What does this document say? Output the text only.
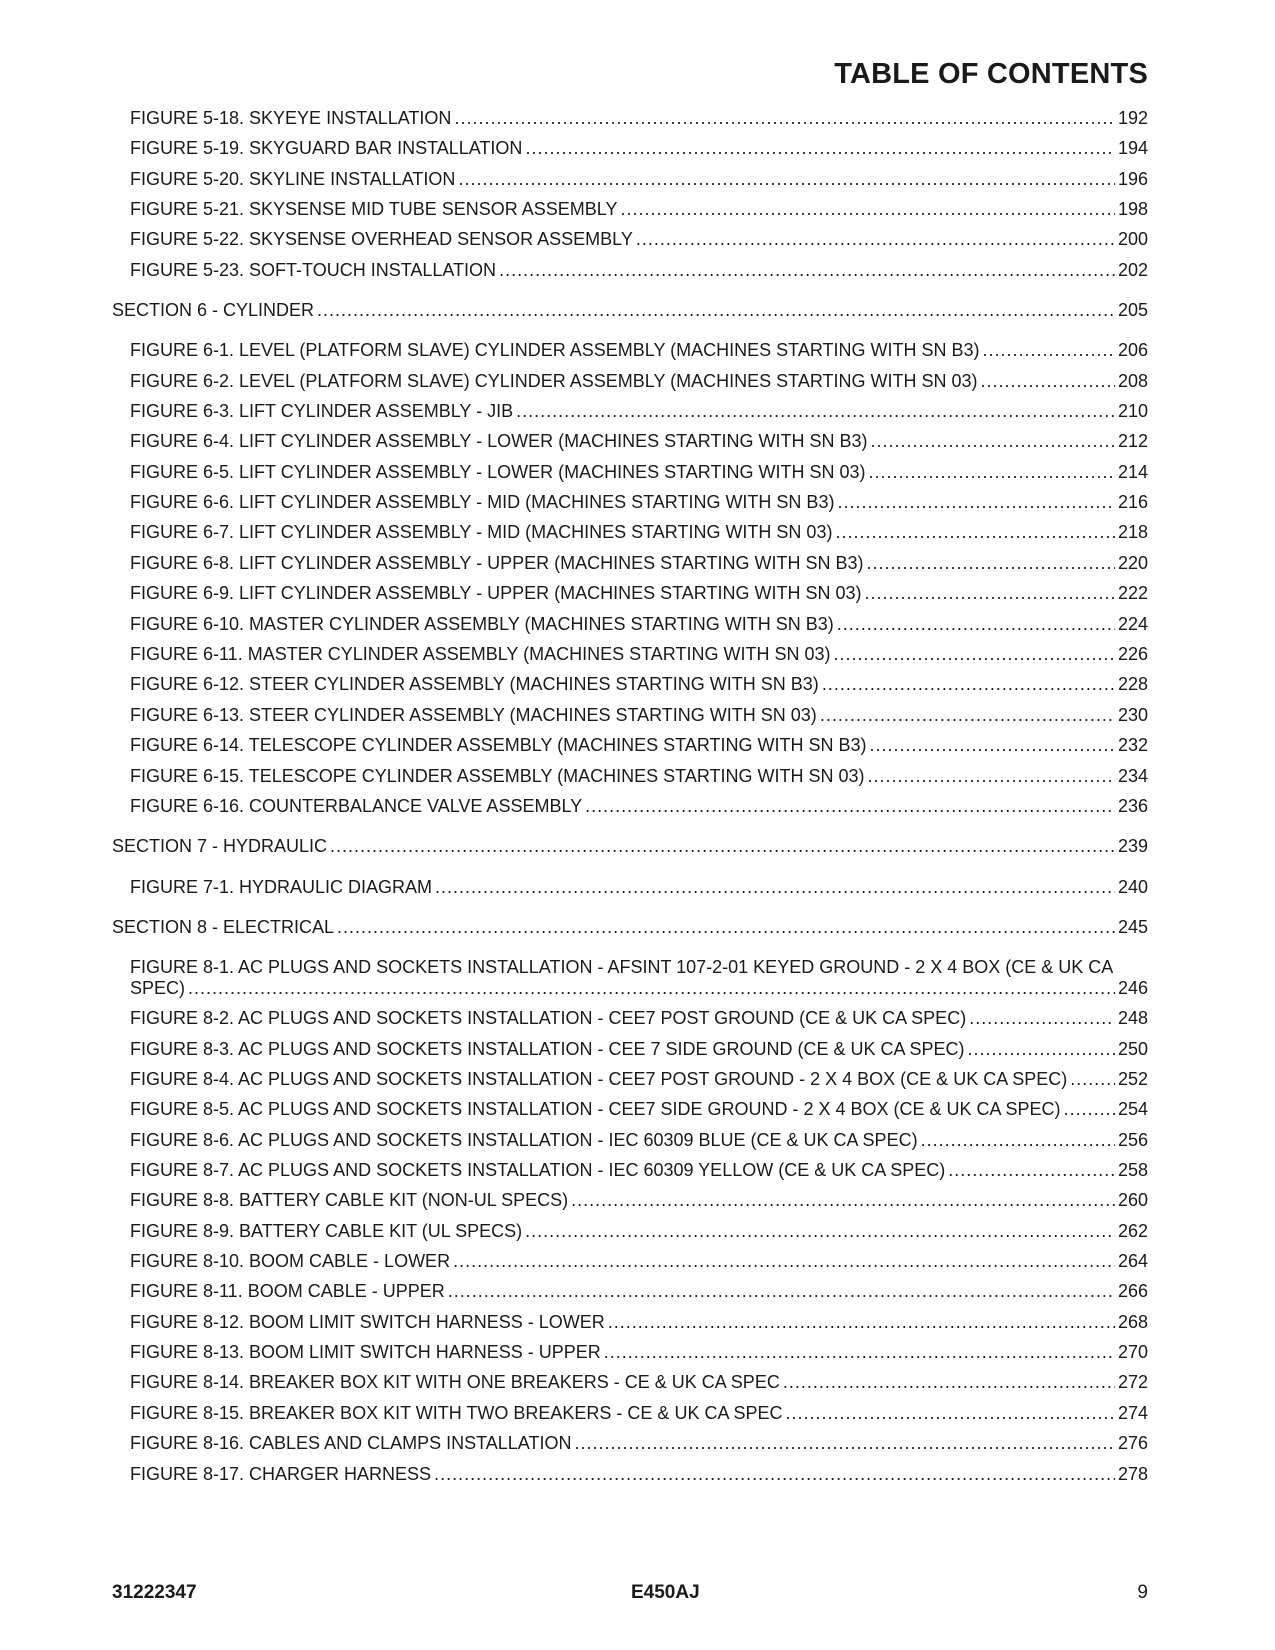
TABLE OF CONTENTS
FIGURE 5-18. SKYEYE INSTALLATION .....	192
FIGURE 5-19. SKYGUARD BAR INSTALLATION .....	194
FIGURE 5-20. SKYLINE INSTALLATION .....	196
FIGURE 5-21. SKYSENSE MID TUBE SENSOR ASSEMBLY .....	198
FIGURE 5-22. SKYSENSE OVERHEAD SENSOR ASSEMBLY .....	200
FIGURE 5-23. SOFT-TOUCH INSTALLATION .....	202
SECTION 6 - CYLINDER .....	205
FIGURE 6-1. LEVEL (PLATFORM SLAVE) CYLINDER ASSEMBLY (MACHINES STARTING WITH SN B3) .....	206
FIGURE 6-2. LEVEL (PLATFORM SLAVE) CYLINDER ASSEMBLY (MACHINES STARTING WITH SN 03) .....	208
FIGURE 6-3. LIFT CYLINDER ASSEMBLY - JIB .....	210
FIGURE 6-4. LIFT CYLINDER ASSEMBLY - LOWER (MACHINES STARTING WITH SN B3) .....	212
FIGURE 6-5. LIFT CYLINDER ASSEMBLY - LOWER (MACHINES STARTING WITH SN 03) .....	214
FIGURE 6-6. LIFT CYLINDER ASSEMBLY - MID (MACHINES STARTING WITH SN B3) .....	216
FIGURE 6-7. LIFT CYLINDER ASSEMBLY - MID (MACHINES STARTING WITH SN 03) .....	218
FIGURE 6-8. LIFT CYLINDER ASSEMBLY - UPPER (MACHINES STARTING WITH SN B3) .....	220
FIGURE 6-9. LIFT CYLINDER ASSEMBLY - UPPER (MACHINES STARTING WITH SN 03) .....	222
FIGURE 6-10. MASTER CYLINDER ASSEMBLY (MACHINES STARTING WITH SN B3) .....	224
FIGURE 6-11. MASTER CYLINDER ASSEMBLY (MACHINES STARTING WITH SN 03) .....	226
FIGURE 6-12. STEER CYLINDER ASSEMBLY (MACHINES STARTING WITH SN B3) .....	228
FIGURE 6-13. STEER CYLINDER ASSEMBLY (MACHINES STARTING WITH SN 03) .....	230
FIGURE 6-14. TELESCOPE CYLINDER ASSEMBLY (MACHINES STARTING WITH SN B3) .....	232
FIGURE 6-15. TELESCOPE CYLINDER ASSEMBLY (MACHINES STARTING WITH SN 03) .....	234
FIGURE 6-16. COUNTERBALANCE VALVE ASSEMBLY .....	236
SECTION 7 - HYDRAULIC .....	239
FIGURE 7-1. HYDRAULIC DIAGRAM .....	240
SECTION 8 - ELECTRICAL .....	245
FIGURE 8-1. AC PLUGS AND SOCKETS INSTALLATION - AFSINT 107-2-01 KEYED GROUND - 2 X 4 BOX (CE & UK CA
SPEC) .....	246
FIGURE 8-2. AC PLUGS AND SOCKETS INSTALLATION - CEE7 POST GROUND (CE & UK CA SPEC) .....	248
FIGURE 8-3. AC PLUGS AND SOCKETS INSTALLATION - CEE 7 SIDE GROUND (CE & UK CA SPEC) .....	250
FIGURE 8-4. AC PLUGS AND SOCKETS INSTALLATION - CEE7 POST GROUND - 2 X 4 BOX (CE & UK CA SPEC) .....	252
FIGURE 8-5. AC PLUGS AND SOCKETS INSTALLATION - CEE7 SIDE GROUND - 2 X 4 BOX (CE & UK CA SPEC) .....	254
FIGURE 8-6. AC PLUGS AND SOCKETS INSTALLATION - IEC 60309 BLUE (CE & UK CA SPEC) .....	256
FIGURE 8-7. AC PLUGS AND SOCKETS INSTALLATION - IEC 60309 YELLOW (CE & UK CA SPEC) .....	258
FIGURE 8-8. BATTERY CABLE KIT (NON-UL SPECS) .....	260
FIGURE 8-9. BATTERY CABLE KIT (UL SPECS) .....	262
FIGURE 8-10. BOOM CABLE - LOWER .....	264
FIGURE 8-11. BOOM CABLE - UPPER .....	266
FIGURE 8-12. BOOM LIMIT SWITCH HARNESS - LOWER .....	268
FIGURE 8-13. BOOM LIMIT SWITCH HARNESS - UPPER .....	270
FIGURE 8-14. BREAKER BOX KIT WITH ONE BREAKERS - CE & UK CA SPEC .....	272
FIGURE 8-15. BREAKER BOX KIT WITH TWO BREAKERS - CE & UK CA SPEC .....	274
FIGURE 8-16. CABLES AND CLAMPS INSTALLATION .....	276
FIGURE 8-17. CHARGER HARNESS .....	278
31222347	E450AJ	9
